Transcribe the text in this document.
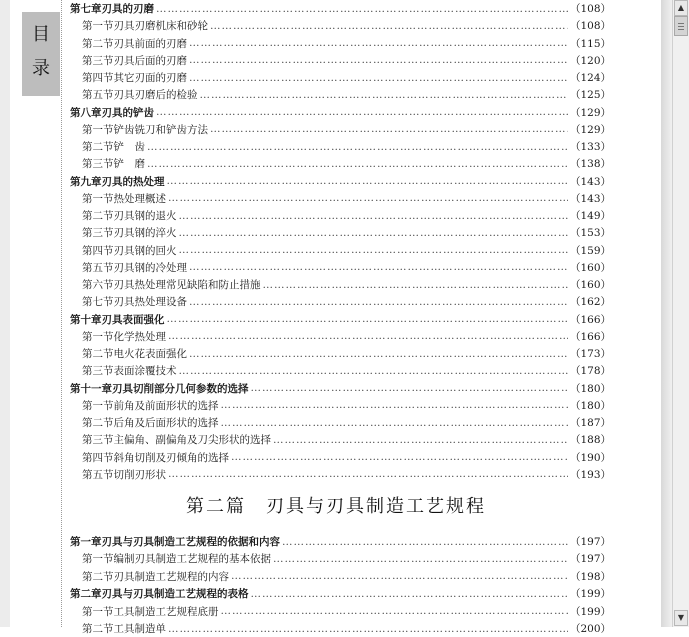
目
录
第七章 刃具的刃磨 ……………………………………………………………………………………………………………………………………………………………………………………………	（108）
第一节 刃具刃磨机床和砂轮 ……………………………………………………………………………………………………………………………………………………………………………………………	（108）
第二节 刃具前面的刃磨 ……………………………………………………………………………………………………………………………………………………………………………………………	（115）
第三节 刃具后面的刃磨 ……………………………………………………………………………………………………………………………………………………………………………………………	（120）
第四节 其它刃面的刃磨 ……………………………………………………………………………………………………………………………………………………………………………………………	（124）
第五节 刃具刃磨后的检验 ……………………………………………………………………………………………………………………………………………………………………………………………	（125）
第八章 刃具的铲齿 ……………………………………………………………………………………………………………………………………………………………………………………………	（129）
第一节 铲齿铣刀和铲齿方法 ……………………………………………………………………………………………………………………………………………………………………………………………	（129）
第二节 铲　齿 ……………………………………………………………………………………………………………………………………………………………………………………………	（133）
第三节 铲　磨 ……………………………………………………………………………………………………………………………………………………………………………………………	（138）
第九章 刃具的热处理 ……………………………………………………………………………………………………………………………………………………………………………………………	（143）
第一节 热处理概述 ……………………………………………………………………………………………………………………………………………………………………………………………	（143）
第二节 刃具钢的退火 ……………………………………………………………………………………………………………………………………………………………………………………………	（149）
第三节 刃具钢的淬火 ……………………………………………………………………………………………………………………………………………………………………………………………	（153）
第四节 刃具钢的回火 ……………………………………………………………………………………………………………………………………………………………………………………………	（159）
第五节 刃具钢的冷处理 ……………………………………………………………………………………………………………………………………………………………………………………………	（160）
第六节 刃具热处理常见缺陷和防止措施 ……………………………………………………………………………………………………………………………………………………………………………………………	（160）
第七节 刃具热处理设备 ……………………………………………………………………………………………………………………………………………………………………………………………	（162）
第十章 刃具表面强化 ……………………………………………………………………………………………………………………………………………………………………………………………	（166）
第一节 化学热处理 ……………………………………………………………………………………………………………………………………………………………………………………………	（166）
第二节 电火花表面强化 ……………………………………………………………………………………………………………………………………………………………………………………………	（173）
第三节 表面涂覆技术 ……………………………………………………………………………………………………………………………………………………………………………………………	（178）
第十一章 刃具切削部分几何参数的选择 ……………………………………………………………………………………………………………………………………………………………………………………………	（180）
第一节 前角及前面形状的选择 ……………………………………………………………………………………………………………………………………………………………………………………………	（180）
第二节 后角及后面形状的选择 ……………………………………………………………………………………………………………………………………………………………………………………………	（187）
第三节 主偏角、副偏角及刀尖形状的选择 ……………………………………………………………………………………………………………………………………………………………………………………………	（188）
第四节 斜角切削及刃倾角的选择 ……………………………………………………………………………………………………………………………………………………………………………………………	（190）
第五节 切削刃形状 ……………………………………………………………………………………………………………………………………………………………………………………………	（193）
第一章 刃具与刃具制造工艺规程的依据和内容 ……………………………………………………………………………………………………………………………………………………………………………………………	（197）
第一节 编制刃具制造工艺规程的基本依据 ……………………………………………………………………………………………………………………………………………………………………………………………	（197）
第二节 刃具制造工艺规程的内容 ……………………………………………………………………………………………………………………………………………………………………………………………	（198）
第二章 刃具与刃具制造工艺规程的表格 ……………………………………………………………………………………………………………………………………………………………………………………………	（199）
第一节 工具制造工艺规程底册 ……………………………………………………………………………………………………………………………………………………………………………………………	（199）
第二节 工具制造单 ……………………………………………………………………………………………………………………………………………………………………………………………	（200）
第二篇　刃具与刃具制造工艺规程
▲
▼
